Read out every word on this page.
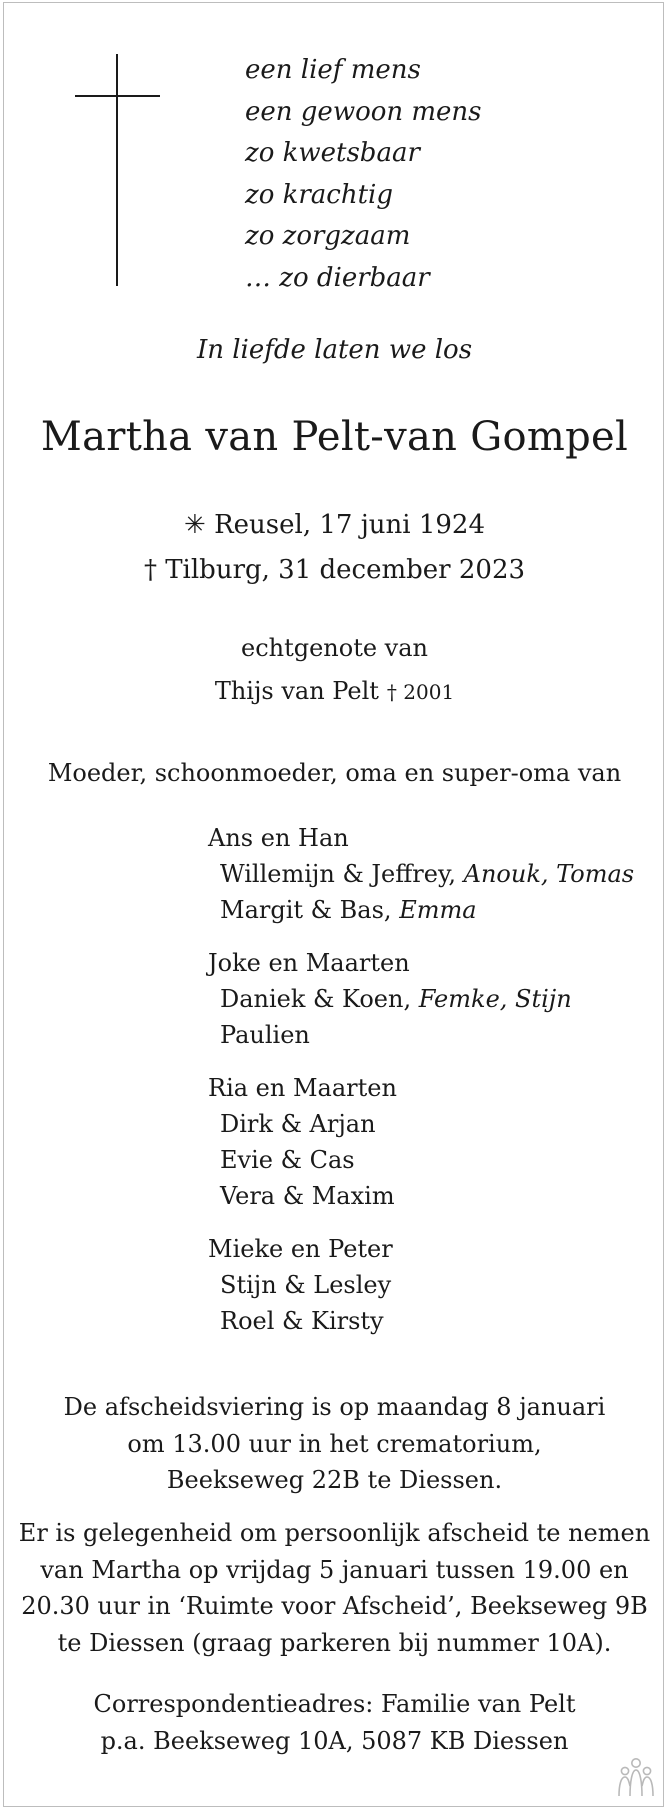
een lief mens
een gewoon mens
zo kwetsbaar
zo krachtig
zo zorgzaam
… zo dierbaar
In liefde laten we los
Martha van Pelt-van Gompel
✳ Reusel, 17 juni 1924
† Tilburg, 31 december 2023
echtgenote van
Thijs van Pelt † 2001
Moeder, schoonmoeder, oma en super-oma van
Ans en Han
Willemijn & Jeffrey, Anouk, Tomas
Margit & Bas, Emma
Joke en Maarten
Daniek & Koen, Femke, Stijn
Paulien
Ria en Maarten
Dirk & Arjan
Evie & Cas
Vera & Maxim
Mieke en Peter
Stijn & Lesley
Roel & Kirsty
De afscheidsviering is op maandag 8 januari
om 13.00 uur in het crematorium,
Beekseweg 22B te Diessen.
Er is gelegenheid om persoonlijk afscheid te nemen
van Martha op vrijdag 5 januari tussen 19.00 en
20.30 uur in ‘Ruimte voor Afscheid’, Beekseweg 9B
te Diessen (graag parkeren bij nummer 10A).
Correspondentieadres: Familie van Pelt
p.a. Beekseweg 10A, 5087 KB Diessen
